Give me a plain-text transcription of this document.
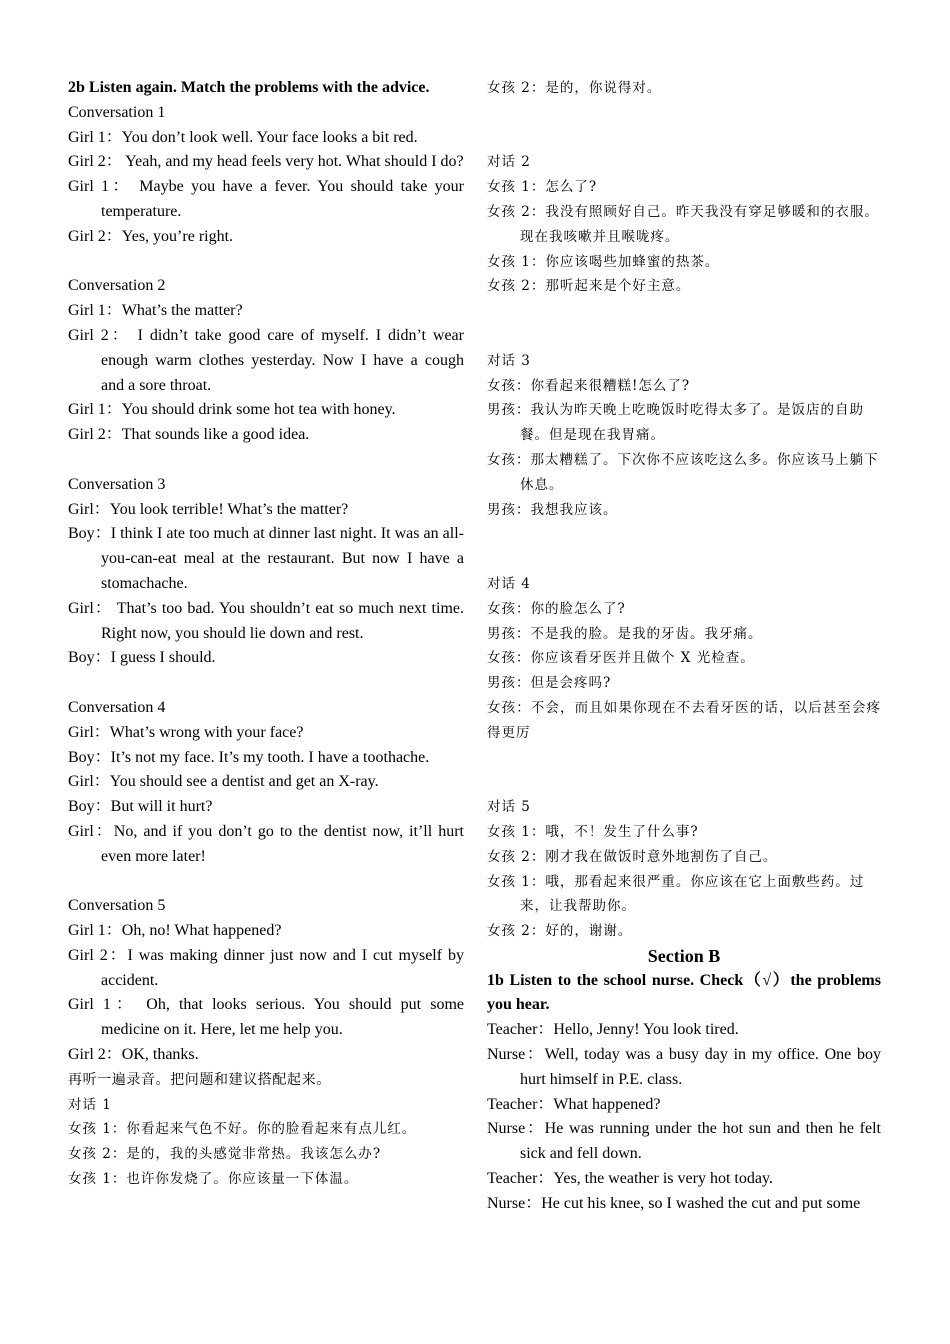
2b Listen again. Match the problems with the advice.

Conversation 1

Girl 1：You don’t look well. Your face looks a bit red.

Girl 2： Yeah, and my head feels very hot. What should I do?

Girl 1： Maybe you have a fever. You should take your temperature.

Girl 2：Yes, you’re right.

Conversation 2

Girl 1：What’s the matter?

Girl 2： I didn’t take good care of myself. I didn’t wear enough warm clothes yesterday. Now I have a cough and a sore throat.

Girl 1：You should drink some hot tea with honey.

Girl 2：That sounds like a good idea.

Conversation 3

Girl：You look terrible! What’s the matter?

Boy：I think I ate too much at dinner last night. It was an all-you-can-eat meal at the restaurant. But now I have a stomachache.

Girl： That’s too bad. You shouldn’t eat so much next time. Right now, you should lie down and rest.

Boy：I guess I should.

Conversation 4

Girl：What’s wrong with your face?

Boy：It’s not my face. It’s my tooth. I have a toothache.

Girl：You should see a dentist and get an X-ray.

Boy：But will it hurt?

Girl：No, and if you don’t go to the dentist now, it’ll hurt even more later!

Conversation 5

Girl 1：Oh, no! What happened?

Girl 2：I was making dinner just now and I cut myself by accident.

Girl 1： Oh, that looks serious. You should put some medicine on it. Here, let me help you.

Girl 2：OK, thanks.

再听一遍录音。把问题和建议搭配起来。

对话 1

女孩 1：你看起来气色不好。你的脸看起来有点儿红。

女孩 2：是的，我的头感觉非常热。我该怎么办?

女孩 1：也许你发烧了。你应该量一下体温。

女孩 2：是的，你说得对。

对话 2

女孩 1：怎么了?

女孩 2：我没有照顾好自己。昨天我没有穿足够暖和的衣服。现在我咳嗽并且喉咙疼。

女孩 1：你应该喝些加蜂蜜的热茶。

女孩 2：那听起来是个好主意。

对话 3

女孩：你看起来很糟糕!怎么了?

男孩：我认为昨天晚上吃晚饭时吃得太多了。是饭店的自助餐。但是现在我胃痛。

女孩：那太糟糕了。下次你不应该吃这么多。你应该马上躺下休息。

男孩：我想我应该。

对话 4

女孩：你的脸怎么了?

男孩：不是我的脸。是我的牙齿。我牙痛。

女孩：你应该看牙医并且做个 X 光检查。

男孩：但是会疼吗?

女孩：不会，而且如果你现在不去看牙医的话，以后甚至会疼得更厉

对话 5

女孩 1：哦，不！发生了什么事?

女孩 2：刚才我在做饭时意外地割伤了自己。

女孩 1：哦，那看起来很严重。你应该在它上面敷些药。过来，让我帮助你。

女孩 2：好的，谢谢。

Section B

1b Listen to the school nurse. Check（√）the problems you hear.

Teacher：Hello, Jenny! You look tired.

Nurse：Well, today was a busy day in my office. One boy hurt himself in P.E. class.

Teacher：What happened?

Nurse：He was running under the hot sun and then he felt sick and fell down.

Teacher：Yes, the weather is very hot today.

Nurse：He cut his knee, so I washed the cut and put some
